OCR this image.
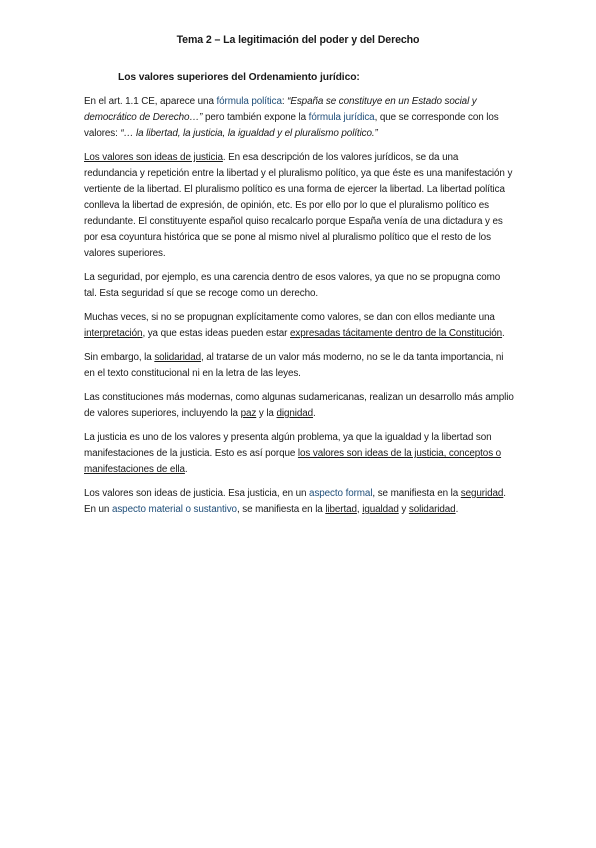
Tema 2 – La legitimación del poder y del Derecho
Los valores superiores del Ordenamiento jurídico:

En el art. 1.1 CE, aparece una fórmula política: “España se constituye en un Estado social y democrático de Derecho…” pero también expone la fórmula jurídica, que se corresponde con los valores: “… la libertad, la justicia, la igualdad y el pluralismo político.”

Los valores son ideas de justicia. En esa descripción de los valores jurídicos, se da una redundancia y repetición entre la libertad y el pluralismo político, ya que éste es una manifestación y vertiente de la libertad. El pluralismo político es una forma de ejercer la libertad. La libertad política conlleva la libertad de expresión, de opinión, etc. Es por ello por lo que el pluralismo político es redundante. El constituyente español quiso recalcarlo porque España venía de una dictadura y es por esa coyuntura histórica que se pone al mismo nivel al pluralismo político que el resto de los valores superiores.

La seguridad, por ejemplo, es una carencia dentro de esos valores, ya que no se propugna como tal. Esta seguridad sí que se recoge como un derecho.

Muchas veces, si no se propugnan explícitamente como valores, se dan con ellos mediante una interpretación, ya que estas ideas pueden estar expresadas tácitamente dentro de la Constitución.

Sin embargo, la solidaridad, al tratarse de un valor más moderno, no se le da tanta importancia, ni en el texto constitucional ni en la letra de las leyes.

Las constituciones más modernas, como algunas sudamericanas, realizan un desarrollo más amplio de valores superiores, incluyendo la paz y la dignidad.

La justicia es uno de los valores y presenta algún problema, ya que la igualdad y la libertad son manifestaciones de la justicia. Esto es así porque los valores son ideas de la justicia, conceptos o manifestaciones de ella.

Los valores son ideas de justicia. Esa justicia, en un aspecto formal, se manifiesta en la seguridad. En un aspecto material o sustantivo, se manifiesta en la libertad, igualdad y solidaridad.
